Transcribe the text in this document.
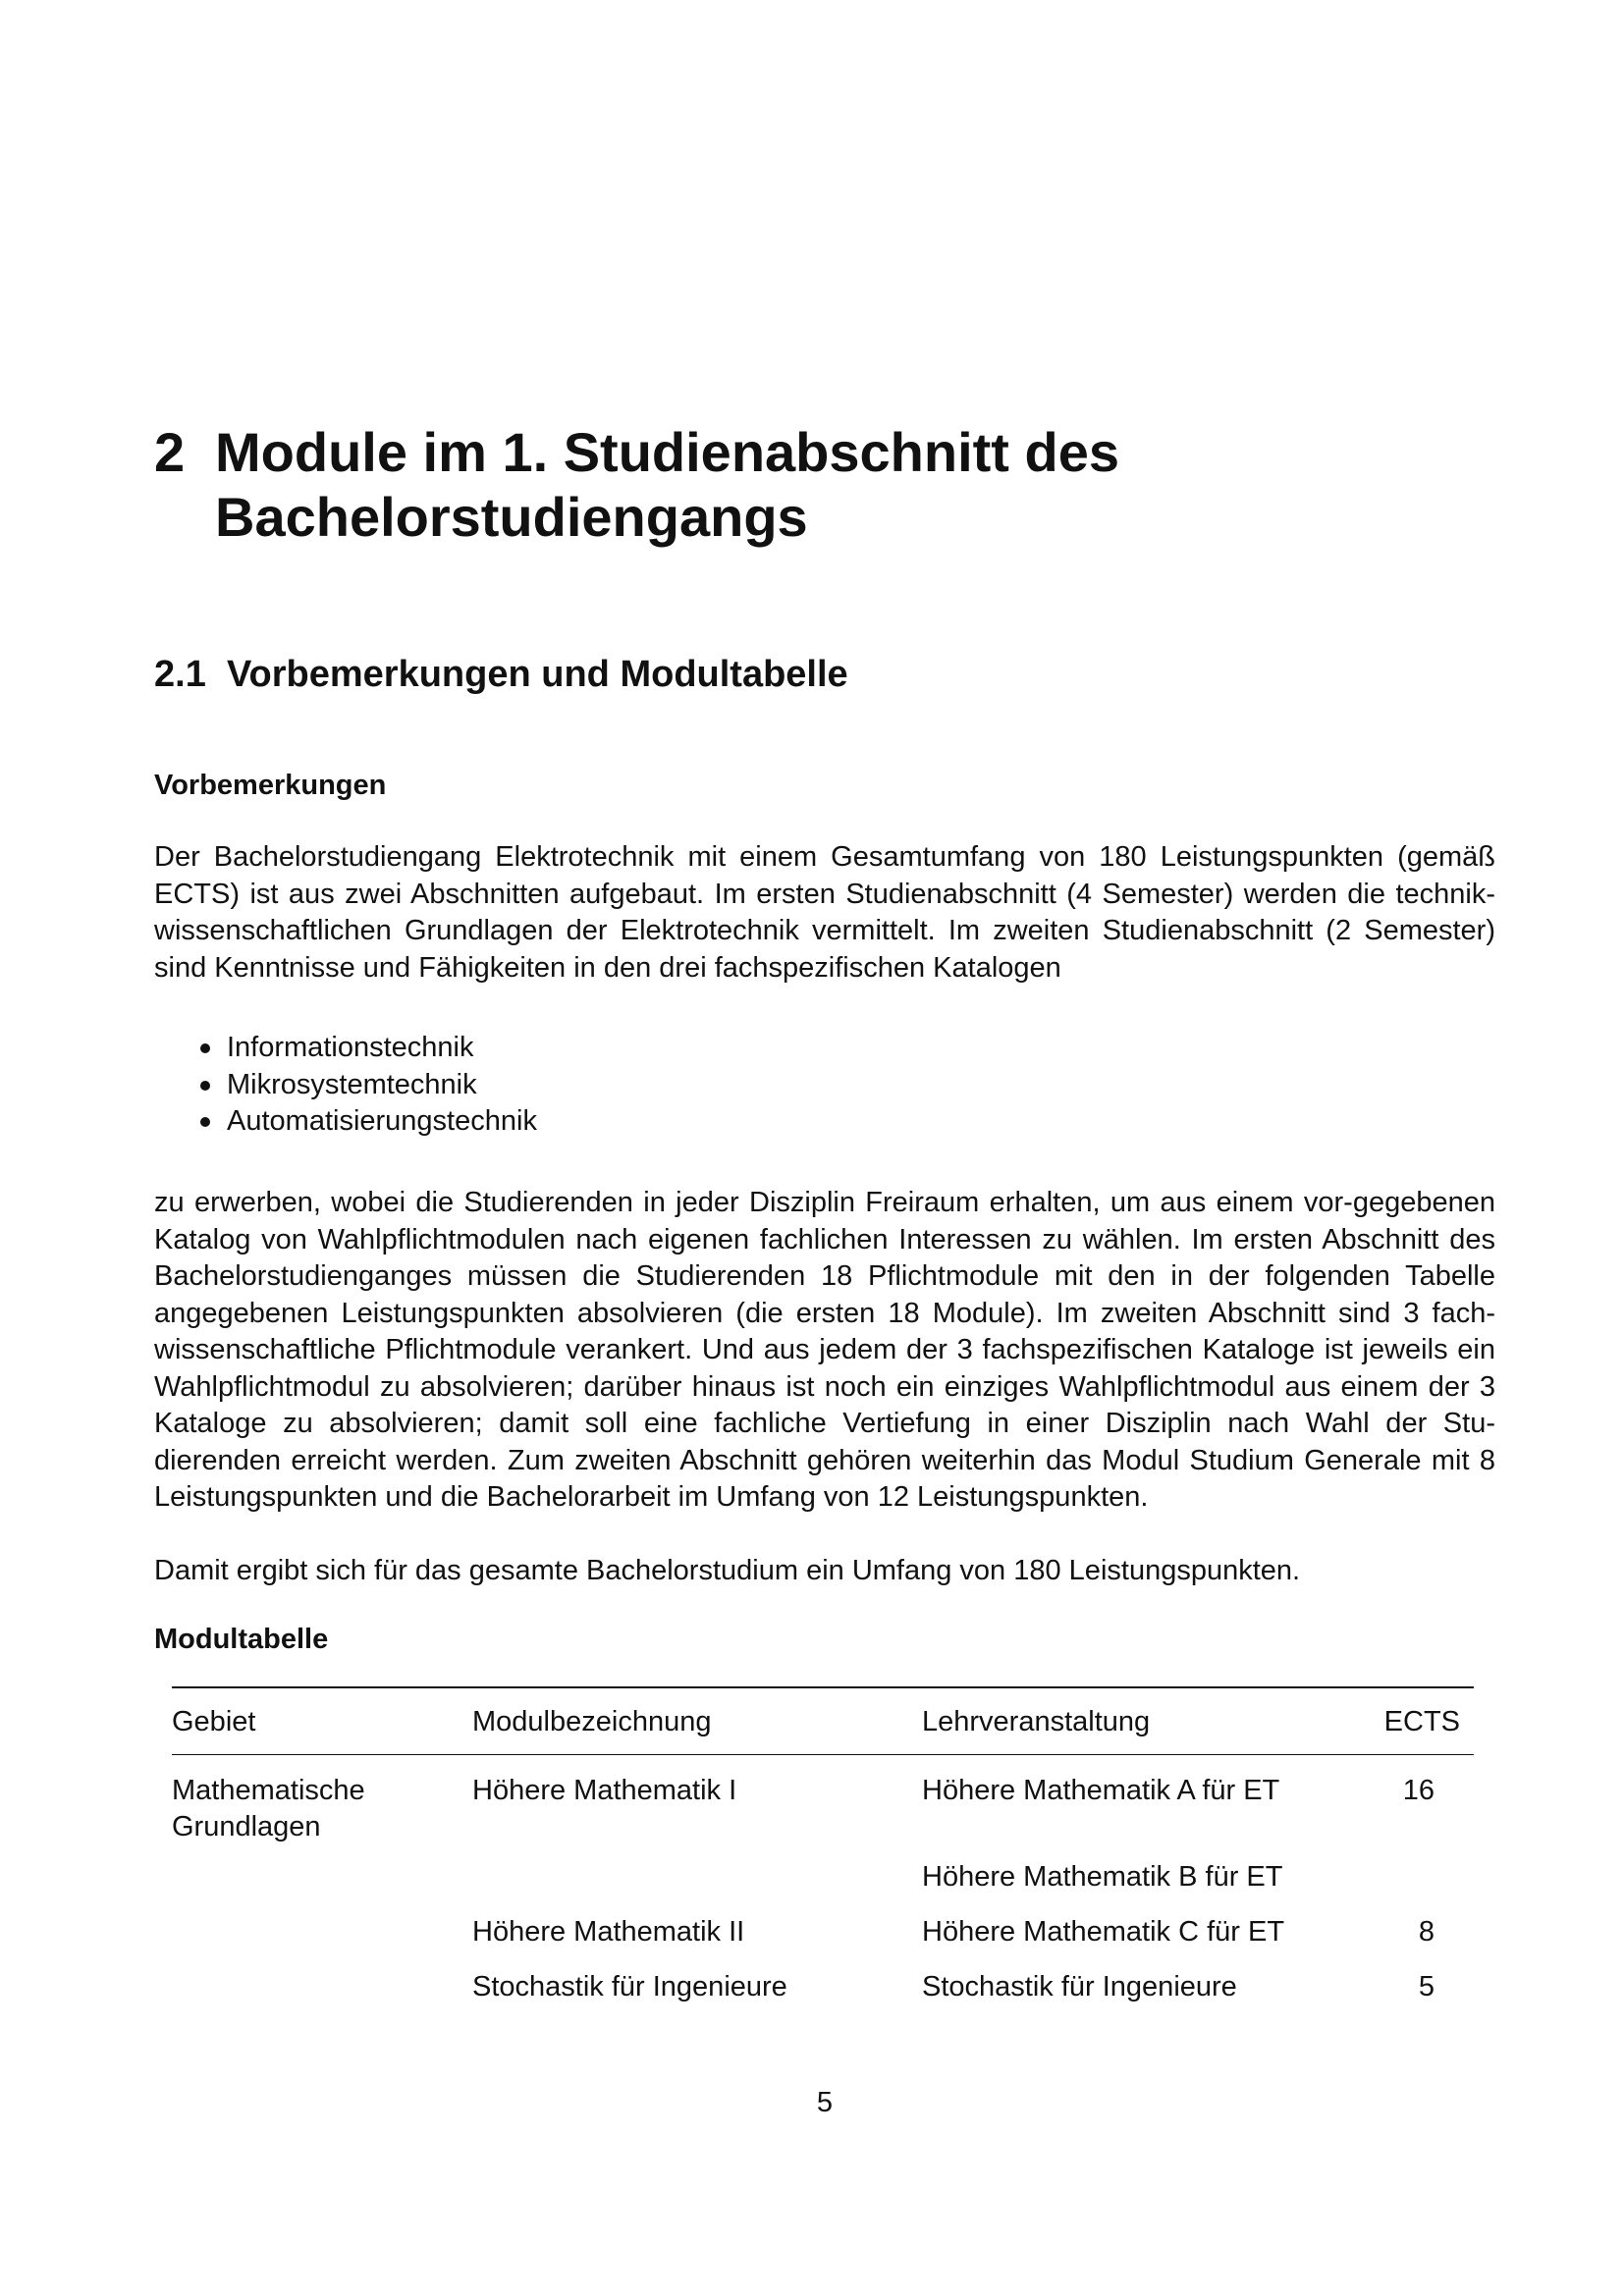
2 Module im 1. Studienabschnitt des Bachelorstudiengangs
2.1 Vorbemerkungen und Modultabelle
Vorbemerkungen

Der Bachelorstudiengang Elektrotechnik mit einem Gesamtumfang von 180 Leistungspunkten (gemäß ECTS) ist aus zwei Abschnitten aufgebaut. Im ersten Studienabschnitt (4 Semester) werden die technik-wissenschaftlichen Grundlagen der Elektrotechnik vermittelt. Im zweiten Studienabschnitt (2 Semester) sind Kenntnisse und Fähigkeiten in den drei fachspezifischen Katalogen

Informationstechnik
Mikrosystemtechnik
Automatisierungstechnik

zu erwerben, wobei die Studierenden in jeder Disziplin Freiraum erhalten, um aus einem vor-gegebenen Katalog von Wahlpflichtmodulen nach eigenen fachlichen Interessen zu wählen. Im ersten Abschnitt des Bachelorstudienganges müssen die Studierenden 18 Pflichtmodule mit den in der folgenden Tabelle angegebenen Leistungspunkten absolvieren (die ersten 18 Module). Im zweiten Abschnitt sind 3 fach-wissenschaftliche Pflichtmodule verankert. Und aus jedem der 3 fachspezifischen Kataloge ist jeweils ein Wahlpflichtmodul zu absolvieren; darüber hinaus ist noch ein einziges Wahlpflichtmodul aus einem der 3 Kataloge zu absolvieren; damit soll eine fachliche Vertiefung in einer Disziplin nach Wahl der Stu-dierenden erreicht werden. Zum zweiten Abschnitt gehören weiterhin das Modul Studium Generale mit 8 Leistungspunkten und die Bachelorarbeit im Umfang von 12 Leistungspunkten.

Damit ergibt sich für das gesamte Bachelorstudium ein Umfang von 180 Leistungspunkten.

Modultabelle
Gebiet	Modulbezeichnung	Lehrveranstaltung	ECTS
Mathematische Grundlagen	Höhere Mathematik I	Höhere Mathematik A für ET	16
		Höhere Mathematik B für ET	
	Höhere Mathematik II	Höhere Mathematik C für ET	8
	Stochastik für Ingenieure	Stochastik für Ingenieure	5
5
